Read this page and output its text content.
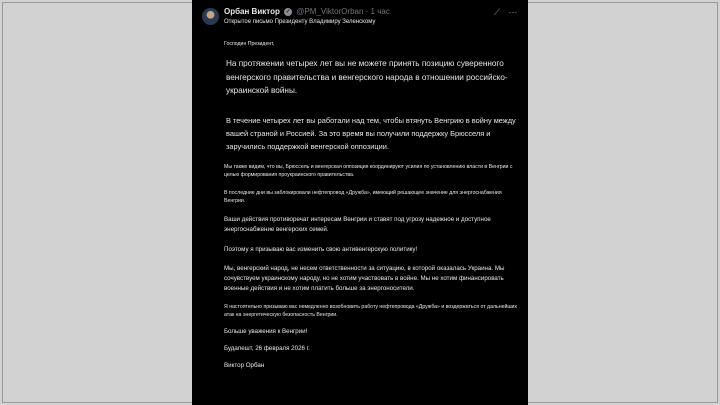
Орбан Виктор ✓ @PM_ViktorOrban · 1 час
Открытое письмо Президенту Владимиру Зеленскому
⟋ ⋯

Господин Президент,

На протяжении четырех лет вы не можете принять позицию суверенного венгерского правительства и венгерского народа в отношении российско-украинской войны.

В течение четырех лет вы работали над тем, чтобы втянуть Венгрию в войну между вашей страной и Россией. За это время вы получили поддержку Брюсселя и заручились поддержкой венгерской оппозиции.

Мы также видим, что вы, Брюссель и венгерская оппозиция координируют усилия по установлению власти в Венгрии с целью формирования проукраинского правительства.

В последние дни вы заблокировали нефтепровод «Дружба», имеющий решающее значение для энергоснабжения Венгрии.

Ваши действия противоречат интересам Венгрии и ставят под угрозу надежное и доступное энергоснабжение венгерских семей.

Поэтому я призываю вас изменить свою антивенгерскую политику!

Мы, венгерский народ, не несем ответственности за ситуацию, в которой оказалась Украина. Мы сочувствуем украинскому народу, но не хотим участвовать в войне. Мы не хотим финансировать военные действия и не хотим платить больше за энергоносители.

Я настоятельно призываю вас немедленно возобновить работу нефтепровода «Дружба» и воздержаться от дальнейших атак на энергетическую безопасность Венгрии.

Больше уважения к Венгрии!

Будапешт, 26 февраля 2026 г.

Виктор Орбан
